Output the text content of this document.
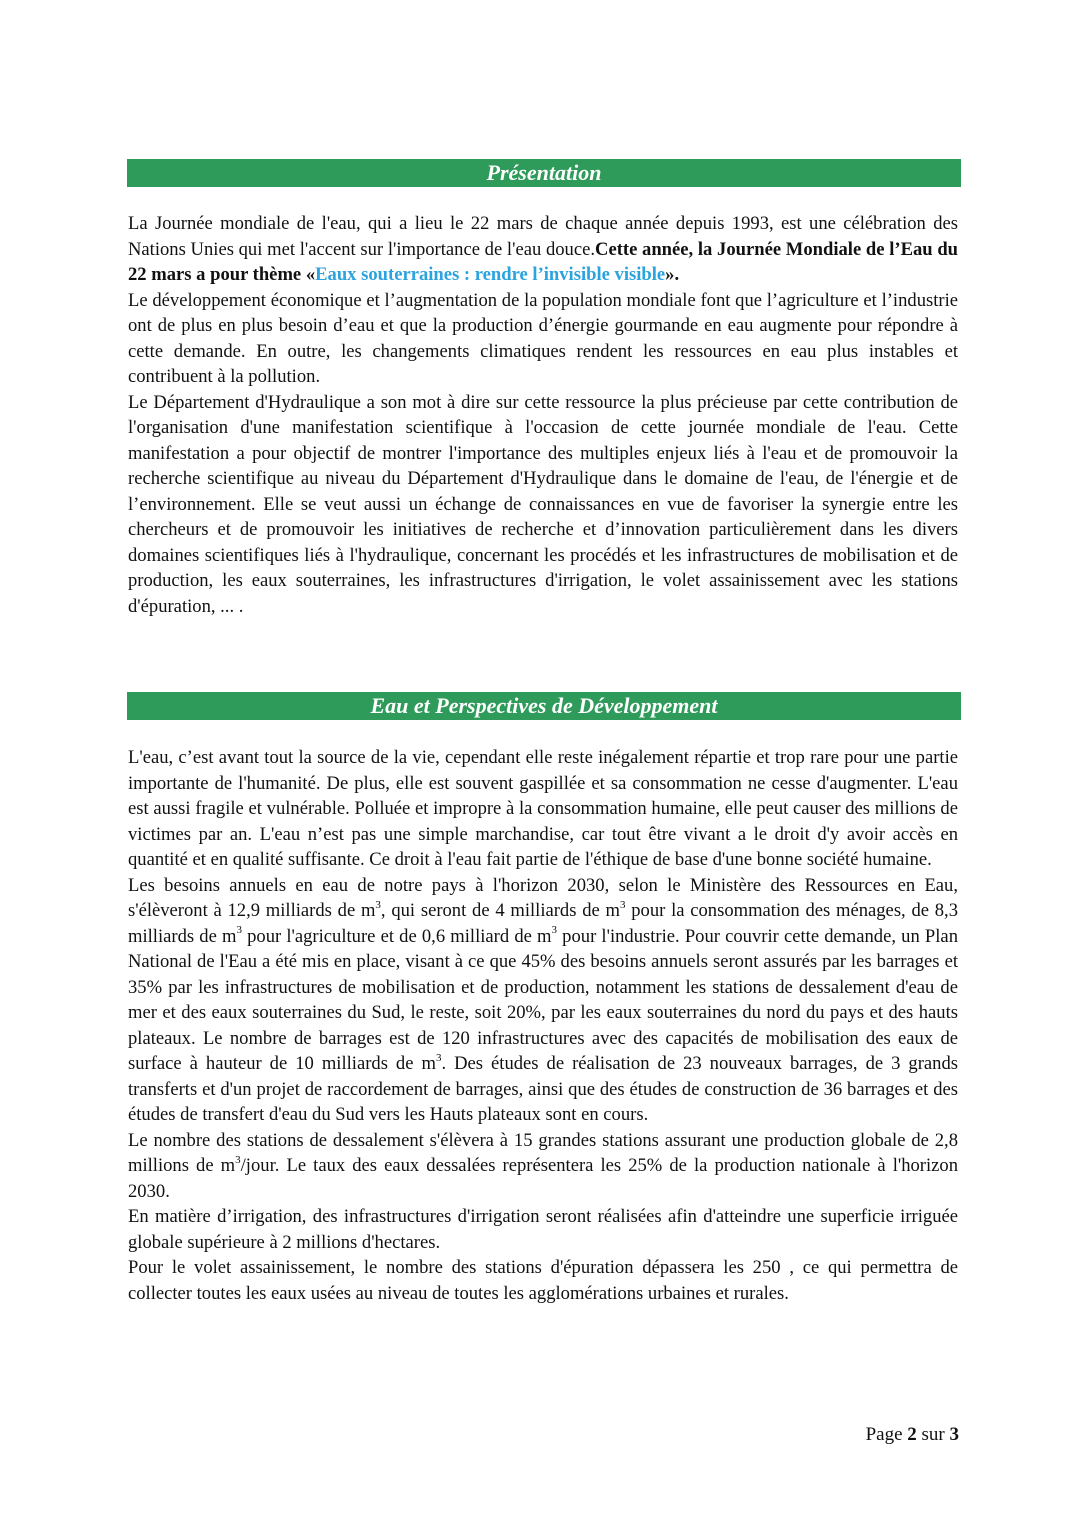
Présentation

La Journée mondiale de l'eau, qui a lieu le 22 mars de chaque année depuis 1993, est une célébration des Nations Unies qui met l'accent sur l'importance de l'eau douce.Cette année, la Journée Mondiale de l’Eau du 22 mars a pour thème «Eaux souterraines : rendre l’invisible visible».

Le développement économique et l’augmentation de la population mondiale font que l’agriculture et l’industrie ont de plus en plus besoin d’eau et que la production d’énergie gourmande en eau augmente pour répondre à cette demande. En outre, les changements climatiques rendent les ressources en eau plus instables et contribuent à la pollution.

Le Département d'Hydraulique a son mot à dire sur cette ressource la plus précieuse par cette contribution de l'organisation d'une manifestation scientifique à l'occasion de cette journée mondiale de l'eau. Cette manifestation a pour objectif de montrer l'importance des multiples enjeux liés à l'eau et de promouvoir la recherche scientifique au niveau du Département d'Hydraulique dans le domaine de l'eau, de l'énergie et de l’environnement. Elle se veut aussi un échange de connaissances en vue de favoriser la synergie entre les chercheurs et de promouvoir les initiatives de recherche et d’innovation particulièrement dans les divers domaines scientifiques liés à l'hydraulique, concernant les procédés et les infrastructures de mobilisation et de production, les eaux souterraines, les infrastructures d'irrigation, le volet assainissement avec les stations d'épuration, ... .

Eau et Perspectives de Développement

L'eau, c’est avant tout la source de la vie, cependant elle reste inégalement répartie et trop rare pour une partie importante de l'humanité. De plus, elle est souvent gaspillée et sa consommation ne cesse d'augmenter. L'eau est aussi fragile et vulnérable. Polluée et impropre à la consommation humaine, elle peut causer des millions de victimes par an. L'eau n’est pas une simple marchandise, car tout être vivant a le droit d'y avoir accès en quantité et en qualité suffisante. Ce droit à l'eau fait partie de l'éthique de base d'une bonne société humaine.

Les besoins annuels en eau de notre pays à l'horizon 2030, selon le Ministère des Ressources en Eau, s'élèveront à 12,9 milliards de $m^3$, qui seront de 4 milliards de $m^3$ pour la consommation des ménages, de 8,3 milliards de $m^3$ pour l'agriculture et de 0,6 milliard de $m^3$ pour l'industrie. Pour couvrir cette demande, un Plan National de l'Eau a été mis en place, visant à ce que 45% des besoins annuels seront assurés par les barrages et 35% par les infrastructures de mobilisation et de production, notamment les stations de dessalement d'eau de mer et des eaux souterraines du Sud, le reste, soit 20%, par les eaux souterraines du nord du pays et des hauts plateaux. Le nombre de barrages est de 120 infrastructures avec des capacités de mobilisation des eaux de surface à hauteur de 10 milliards de $m^3$. Des études de réalisation de 23 nouveaux barrages, de 3 grands transferts et d'un projet de raccordement de barrages, ainsi que des études de construction de 36 barrages et des études de transfert d'eau du Sud vers les Hauts plateaux sont en cours.

Le nombre des stations de dessalement s'élèvera à 15 grandes stations assurant une production globale de 2,8 millions de $m^3$/jour. Le taux des eaux dessalées représentera les 25% de la production nationale à l'horizon 2030.

En matière d’irrigation, des infrastructures d'irrigation seront réalisées afin d'atteindre une superficie irriguée globale supérieure à 2 millions d'hectares.

Pour le volet assainissement, le nombre des stations d'épuration dépassera les 250 , ce qui permettra de collecter toutes les eaux usées au niveau de toutes les agglomérations urbaines et rurales.

Page 2 sur 3
